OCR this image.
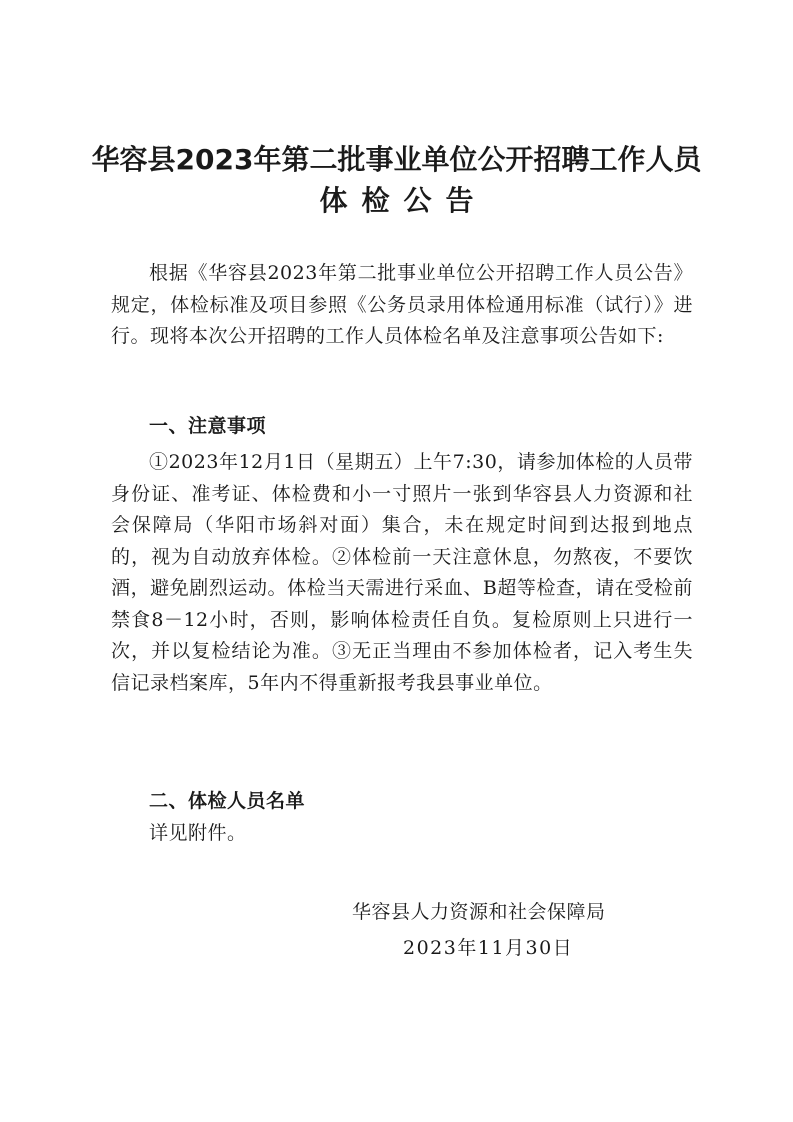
华容县2023年第二批事业单位公开招聘工作人员
体检公告

根据《华容县2023年第二批事业单位公开招聘工作人员公告》规定，体检标准及项目参照《公务员录用体检通用标准（试行）》进行。现将本次公开招聘的工作人员体检名单及注意事项公告如下:

一、注意事项

①2023年12月1日（星期五）上午7:30，请参加体检的人员带身份证、准考证、体检费和小一寸照片一张到华容县人力资源和社会保障局（华阳市场斜对面）集合，未在规定时间到达报到地点的，视为自动放弃体检。②体检前一天注意休息，勿熬夜，不要饮酒，避免剧烈运动。体检当天需进行采血、B超等检查，请在受检前禁食8－12小时，否则，影响体检责任自负。复检原则上只进行一次，并以复检结论为准。③无正当理由不参加体检者，记入考生失信记录档案库，5年内不得重新报考我县事业单位。

二、体检人员名单
详见附件。
华容县人力资源和社会保障局
2023年11月30日
